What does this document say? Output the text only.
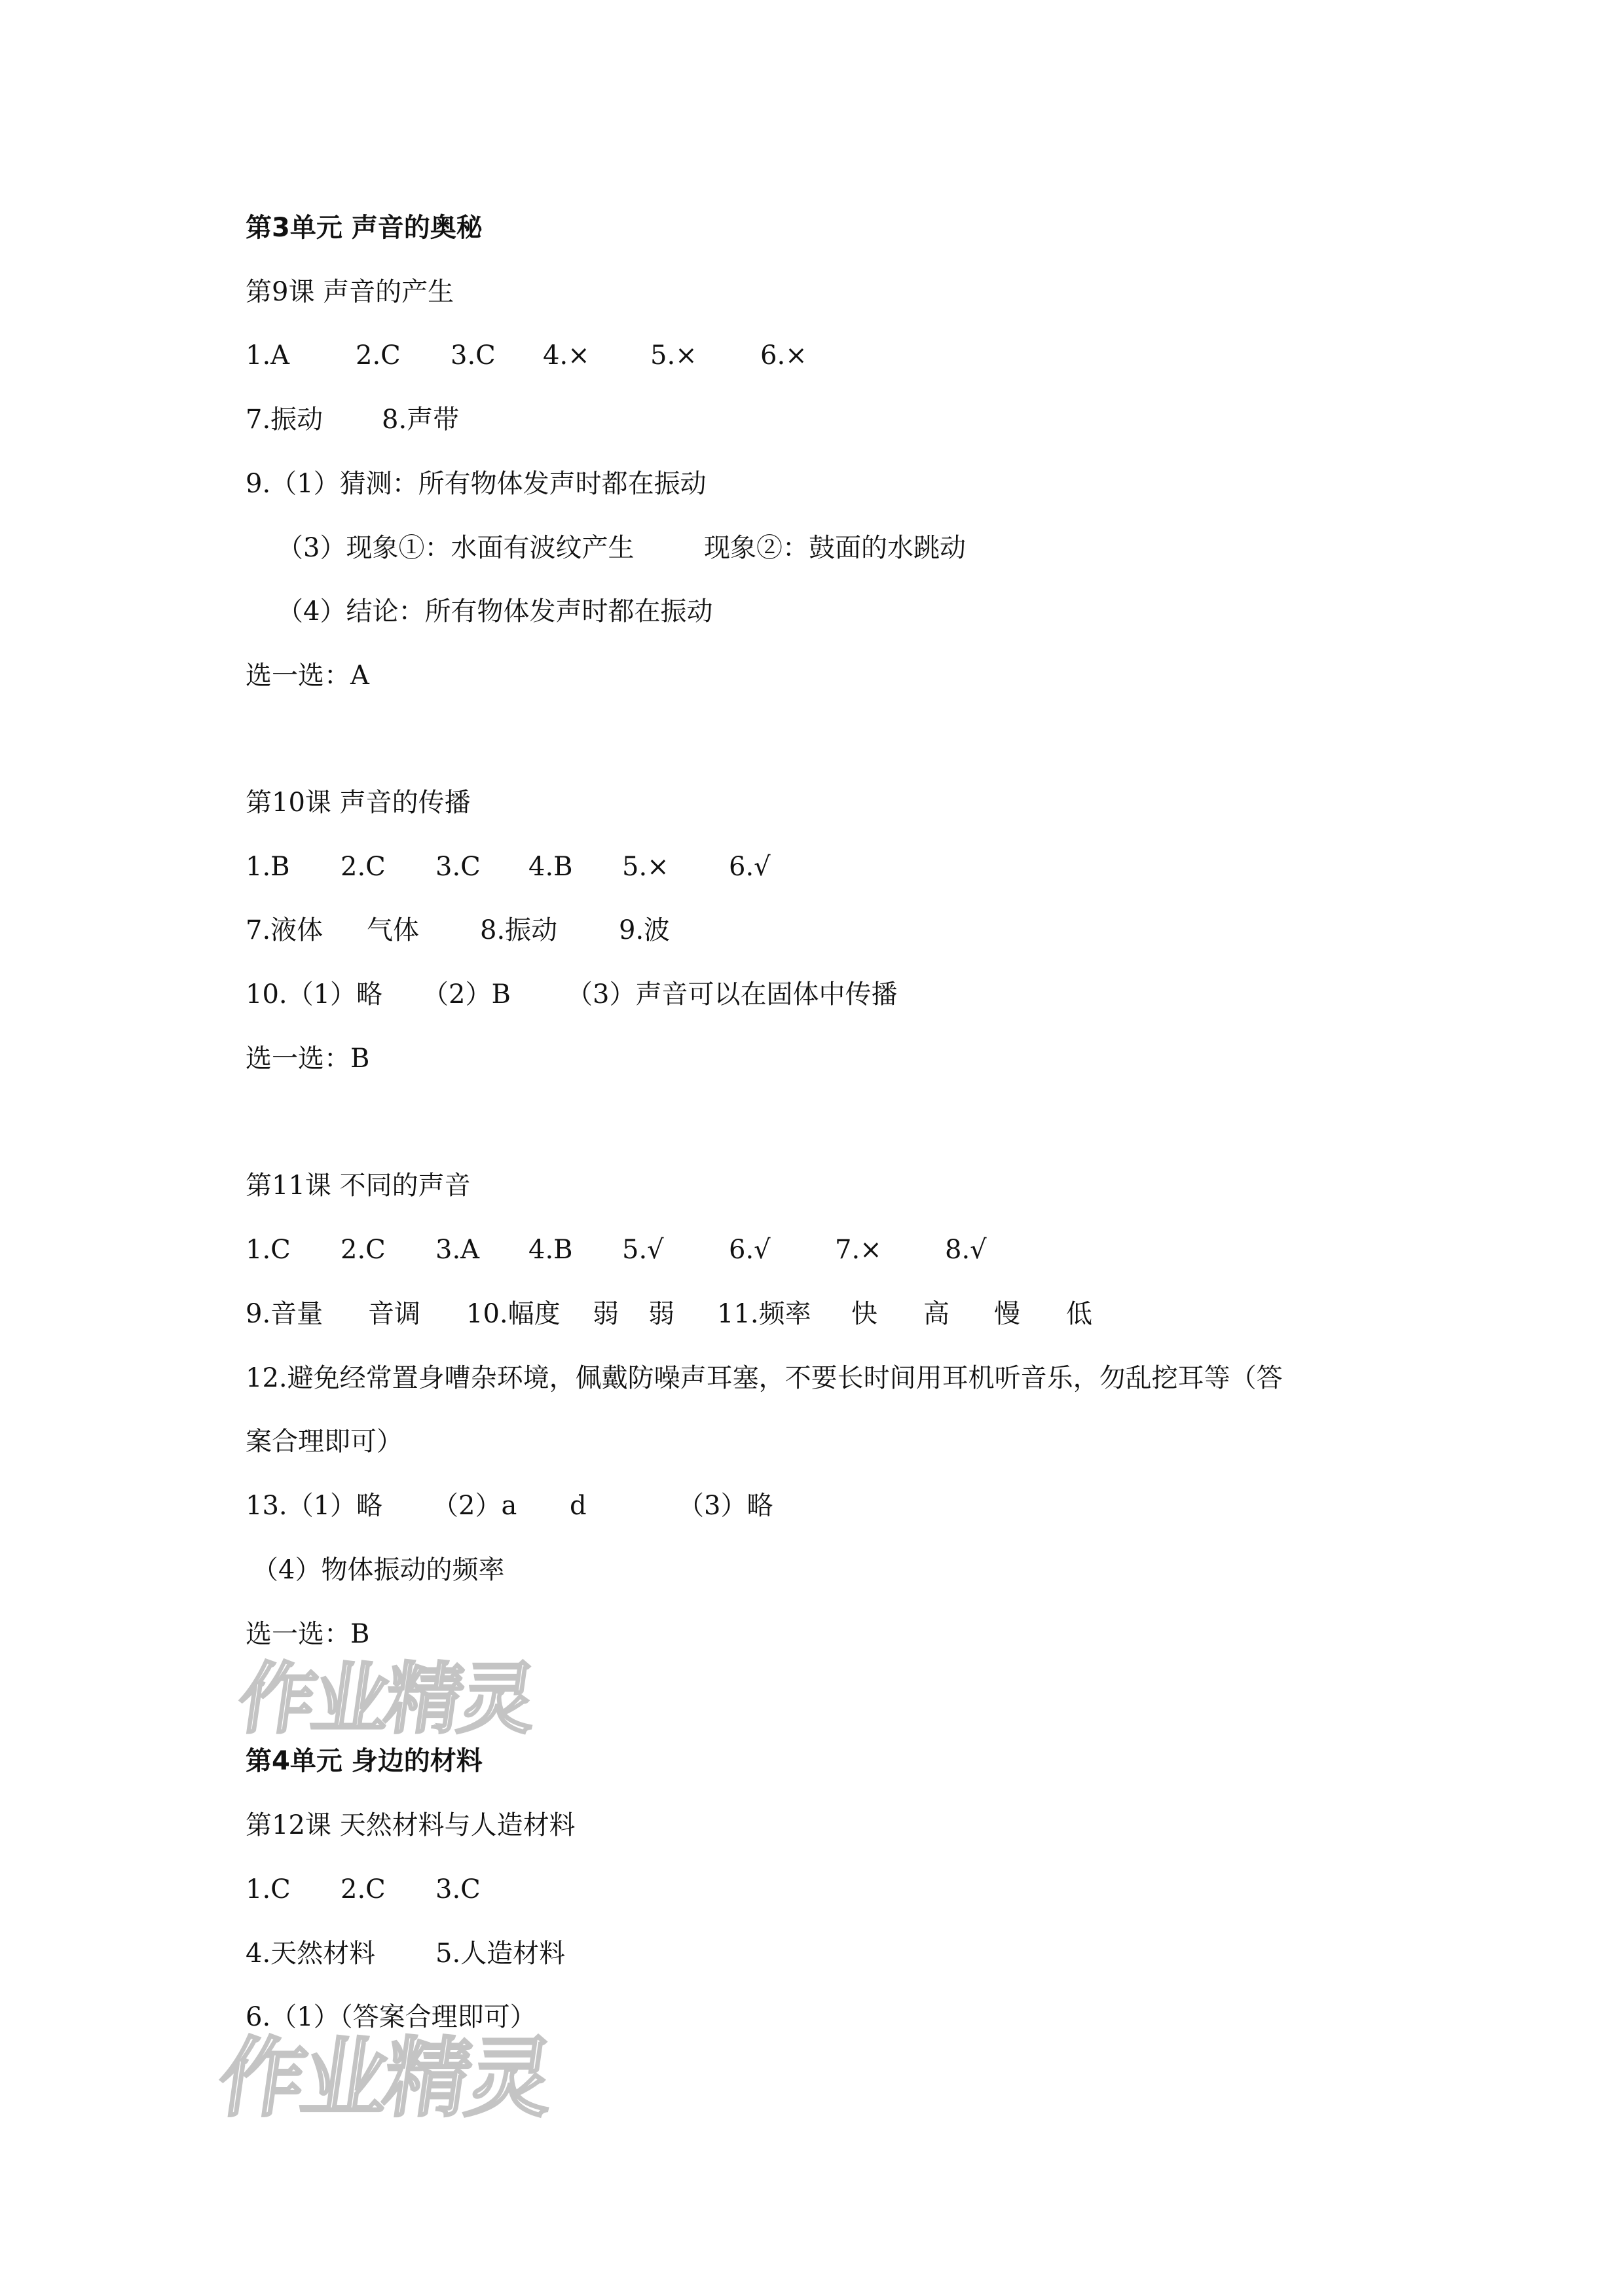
第3单元 声音的奥秘
第9课 声音的产生
1.A	2.C 3.C 4.× 5.× 6.×
7.振动 8.声带
9.（1）猜测：所有物体发声时都在振动
（3）现象①：水面有波纹产生	现象②：鼓面的水跳动
（4）结论：所有物体发声时都在振动
选一选：A
第10课 声音的传播
1.B 2.C 3.C 4.B 5.× 6.√
7.液体 气体 8.振动 9.波
10.（1）略 （2）B （3）声音可以在固体中传播
选一选：B
第11课 不同的声音
1.C 2.C 3.A 4.B 5.√ 6.√ 7.× 8.√
9.音量 音调 10.幅度 弱 弱 11.频率 快 高 慢 低
12.避免经常置身嘈杂环境，佩戴防噪声耳塞，不要长时间用耳机听音乐，勿乱挖耳等（答
案合理即可）
13.（1）略 （2）a d	（3）略
（4）物体振动的频率
选一选：B
作业精灵
第4单元 身边的材料
第12课 天然材料与人造材料
1.C 2.C 3.C
4.天然材料 5.人造材料
6.（1）（答案合理即可）
作业精灵
